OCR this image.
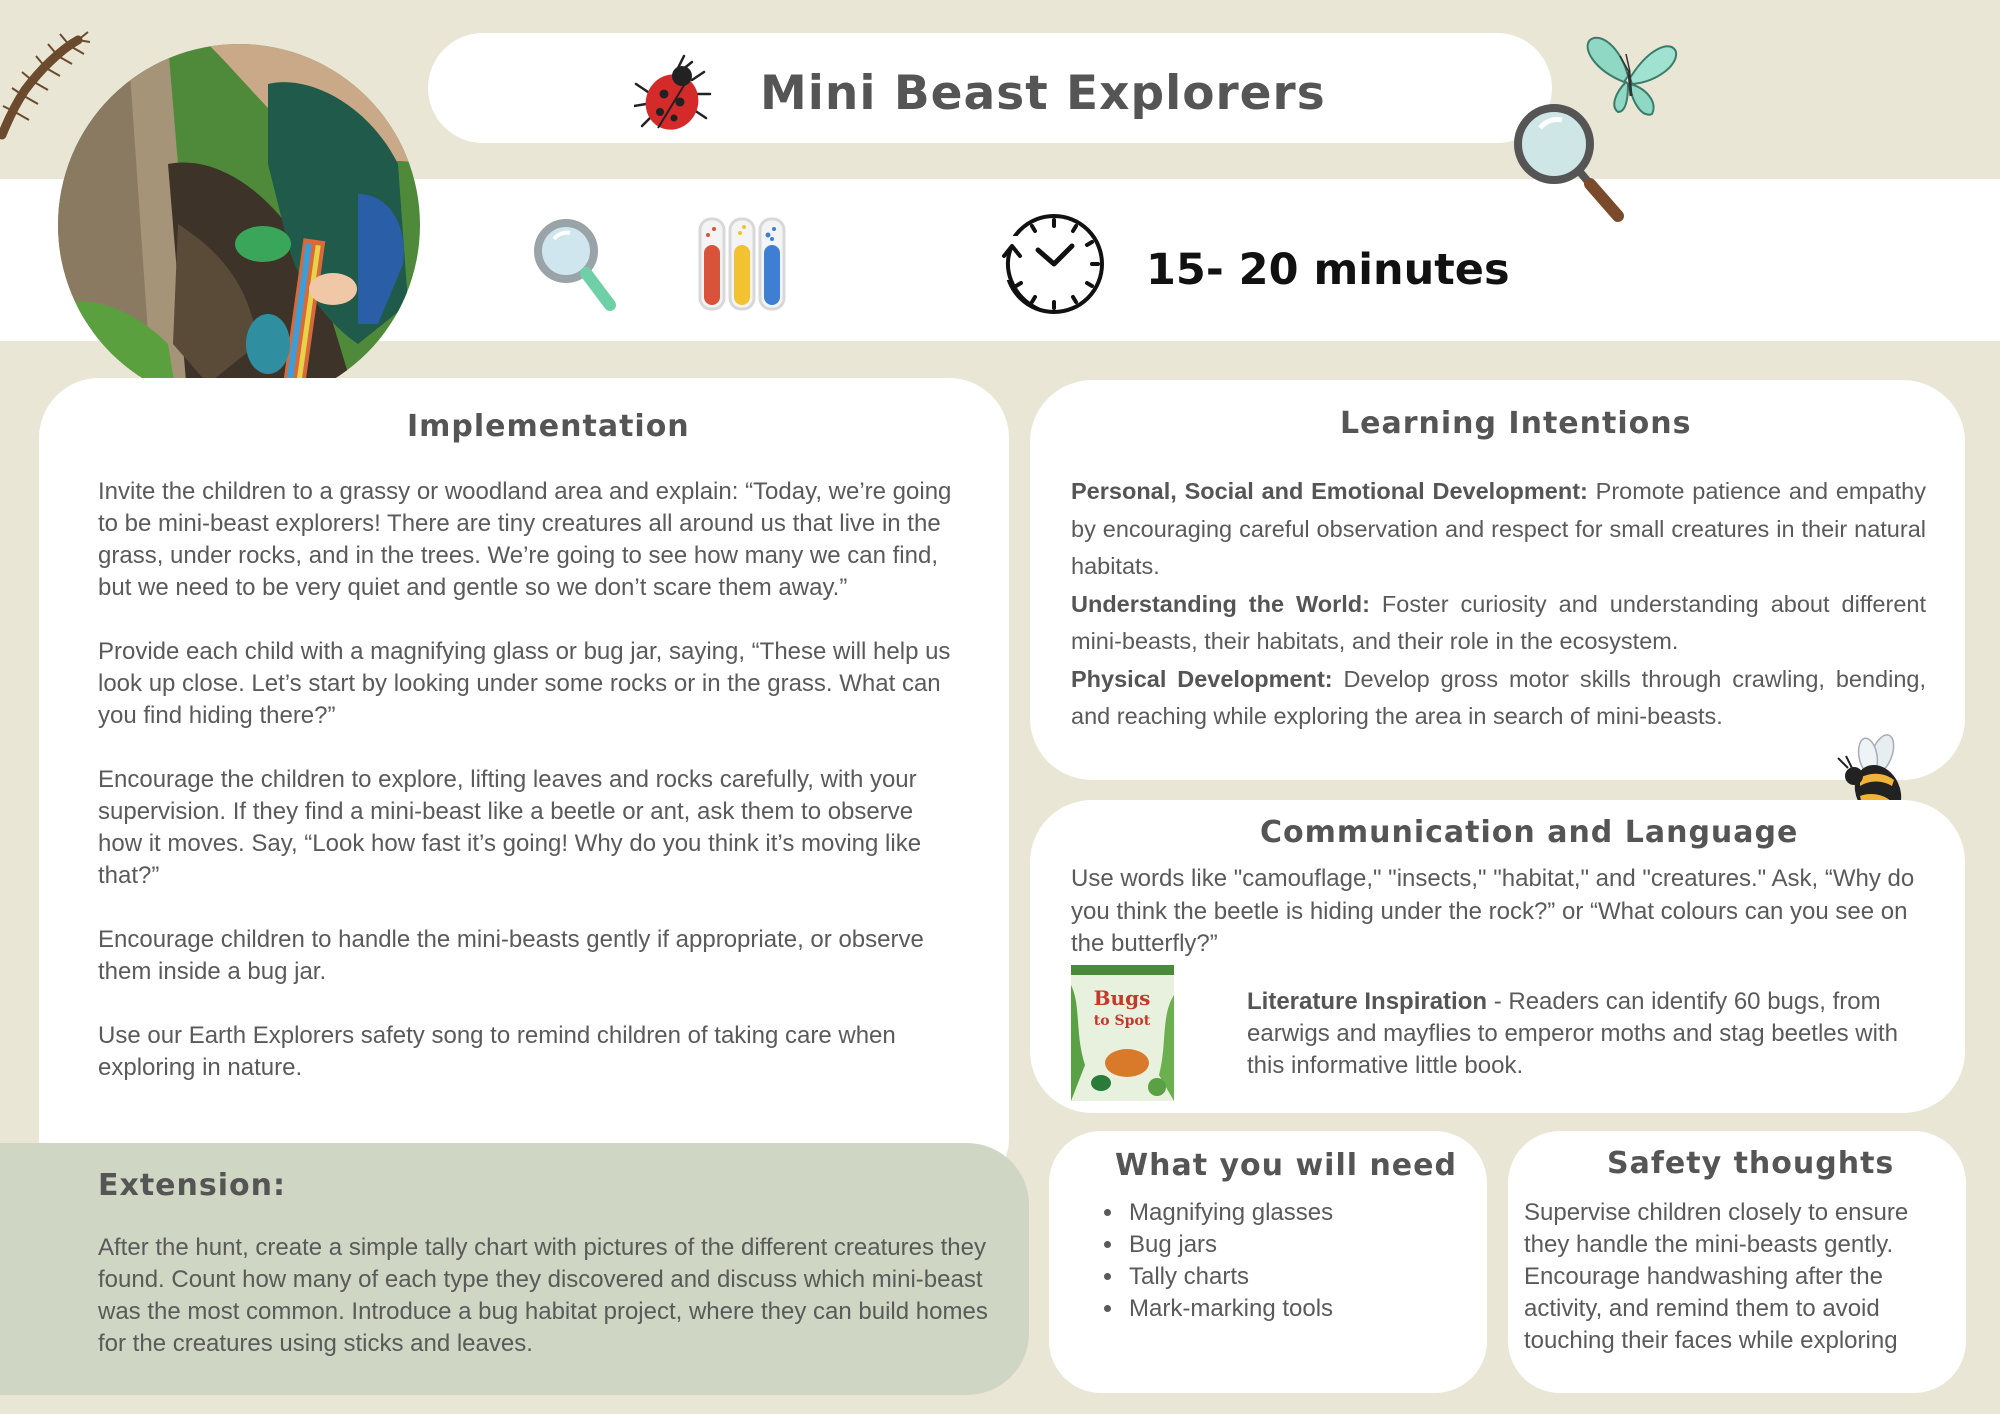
Mini Beast Explorers
15- 20 minutes
Implementation

Invite the children to a grassy or woodland area and explain: “Today, we’re going to be mini-beast explorers! There are tiny creatures all around us that live in the grass, under rocks, and in the trees. We’re going to see how many we can find, but we need to be very quiet and gentle so we don’t scare them away.”

Provide each child with a magnifying glass or bug jar, saying, “These will help us look up close. Let’s start by looking under some rocks or in the grass. What can you find hiding there?”

Encourage the children to explore, lifting leaves and rocks carefully, with your supervision. If they find a mini-beast like a beetle or ant, ask them to observe how it moves. Say, “Look how fast it’s going! Why do you think it’s moving like that?”

Encourage children to handle the mini-beasts gently if appropriate, or observe them inside a bug jar.

Use our Earth Explorers safety song to remind children of taking care when exploring in nature.

Extension:
After the hunt, create a simple tally chart with pictures of the different creatures they found. Count how many of each type they discovered and discuss which mini-beast was the most common. Introduce a bug habitat project, where they can build homes for the creatures using sticks and leaves.
Learning Intentions

Personal, Social and Emotional Development: Promote patience and empathy by encouraging careful observation and respect for small creatures in their natural habitats.

Understanding the World: Foster curiosity and understanding about different mini-beasts, their habitats, and their role in the ecosystem.

Physical Development: Develop gross motor skills through crawling, bending, and reaching while exploring the area in search of mini-beasts.

Communication and Language
Use words like "camouflage," "insects," "habitat," and "creatures." Ask, “Why do you think the beetle is hiding under the rock?” or “What colours can you see on the butterfly?”
Bugs
to Spot
Literature Inspiration - Readers can identify 60 bugs, from earwigs and mayflies to emperor moths and stag beetles with this informative little book.
What you will need
• Magnifying glasses
• Bug jars
• Tally charts
• Mark-marking tools
Safety thoughts
Supervise children closely to ensure they handle the mini-beasts gently. Encourage handwashing after the activity, and remind them to avoid touching their faces while exploring
